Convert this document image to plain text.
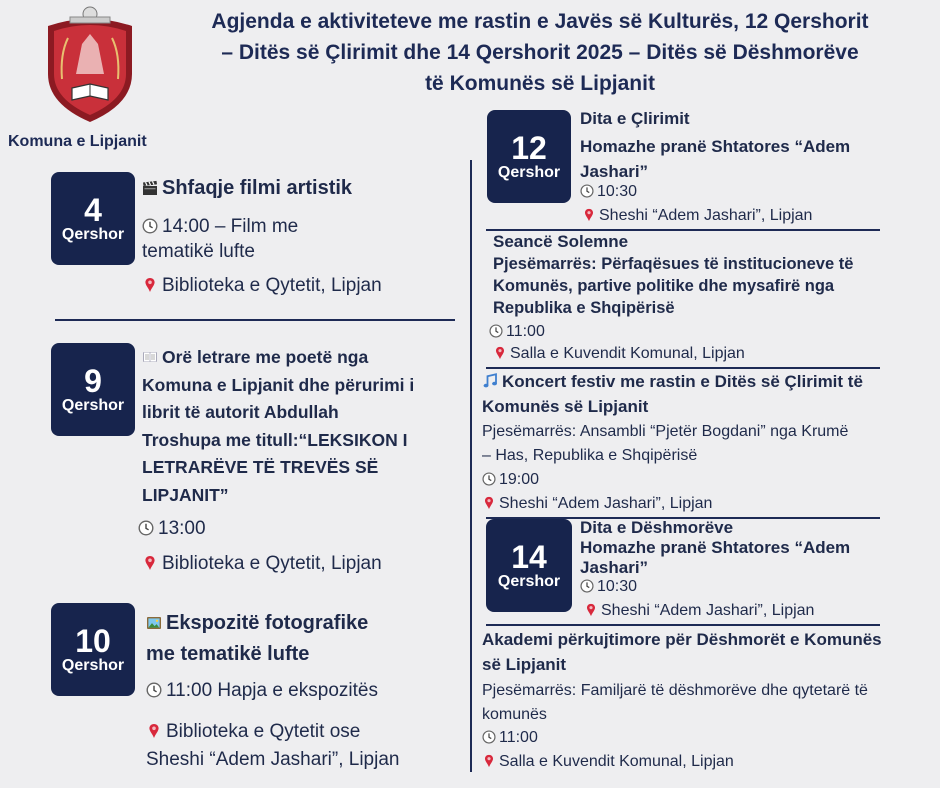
Komuna e Lipjanit
Agjenda e aktiviteteve me rastin e Javës së Kulturës, 12 Qershorit
– Ditës së Çlirimit dhe 14 Qershorit 2025 – Ditës së Dëshmorëve
të Komunës së Lipjanit
4
Qershor
Shfaqje filmi artistik
14:00 – Film me
tematikë lufte
Biblioteka e Qytetit, Lipjan
9
Qershor
Orë letrare me poetë nga
Komuna e Lipjanit dhe përurimi i
librit të autorit Abdullah
Troshupa me titull:“LEKSIKON I
LETRARËVE TË TREVËS SË
LIPJANIT”
13:00
Biblioteka e Qytetit, Lipjan
10
Qershor
Ekspozitë fotografike
me tematikë lufte
11:00 Hapja e ekspozitës
Biblioteka e Qytetit ose
Sheshi “Adem Jashari”, Lipjan
12
Qershor
Dita e Çlirimit
Homazhe pranë Shtatores “Adem
Jashari”
10:30
Sheshi “Adem Jashari”, Lipjan
Seancë Solemne
Pjesëmarrës: Përfaqësues të institucioneve të
Komunës, partive politike dhe mysafirë nga
Republika e Shqipërisë
11:00
Salla e Kuvendit Komunal, Lipjan
Koncert festiv me rastin e Ditës së Çlirimit të
Komunës së Lipjanit
Pjesëmarrës: Ansambli “Pjetër Bogdani” nga Krumë
– Has, Republika e Shqipërisë
19:00
Sheshi “Adem Jashari”, Lipjan
14
Qershor
Dita e Dëshmorëve
Homazhe pranë Shtatores “Adem
Jashari”
10:30
Sheshi “Adem Jashari”, Lipjan
Akademi përkujtimore për Dëshmorët e Komunës
së Lipjanit
Pjesëmarrës: Familjarë të dëshmorëve dhe qytetarë të
komunës
11:00
Salla e Kuvendit Komunal, Lipjan
